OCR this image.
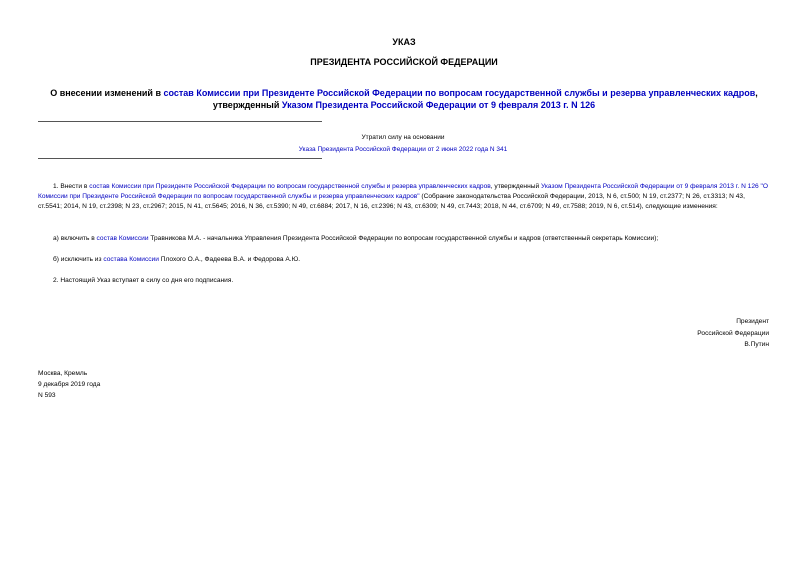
УКАЗ
ПРЕЗИДЕНТА РОССИЙСКОЙ ФЕДЕРАЦИИ
О внесении изменений в состав Комиссии при Президенте Российской Федерации по вопросам государственной службы и резерва управленческих кадров,
утвержденный Указом Президента Российской Федерации от 9 февраля 2013 г. N 126
Утратил силу на основании
Указа Президента Российской Федерации от 2 июня 2022 года N 341
1. Внести в состав Комиссии при Президенте Российской Федерации по вопросам государственной службы и резерва управленческих кадров, утвержденный Указом Президента Российской Федерации от 9 февраля 2013 г. N 126 "О Комиссии при Президенте Российской Федерации по вопросам государственной службы и резерва управленческих кадров" (Собрание законодательства Российской Федерации, 2013, N 6, ст.500; N 19, ст.2377; N 26, ст.3313; N 43, ст.5541; 2014, N 19, ст.2398; N 23, ст.2967; 2015, N 41, ст.5645; 2016, N 36, ст.5390; N 49, ст.6884; 2017, N 16, ст.2396; N 43, ст.6309; N 49, ст.7443; 2018, N 44, ст.6709; N 49, ст.7588; 2019, N 6, ст.514), следующие изменения:
а) включить в состав Комиссии Травникова М.А. - начальника Управления Президента Российской Федерации по вопросам государственной службы и кадров (ответственный секретарь Комиссии);
б) исключить из состава Комиссии Плохого О.А., Фадеева В.А. и Федорова А.Ю.
2. Настоящий Указ вступает в силу со дня его подписания.
Президент
Российской Федерации
В.Путин
Москва, Кремль
9 декабря 2019 года
N 593
